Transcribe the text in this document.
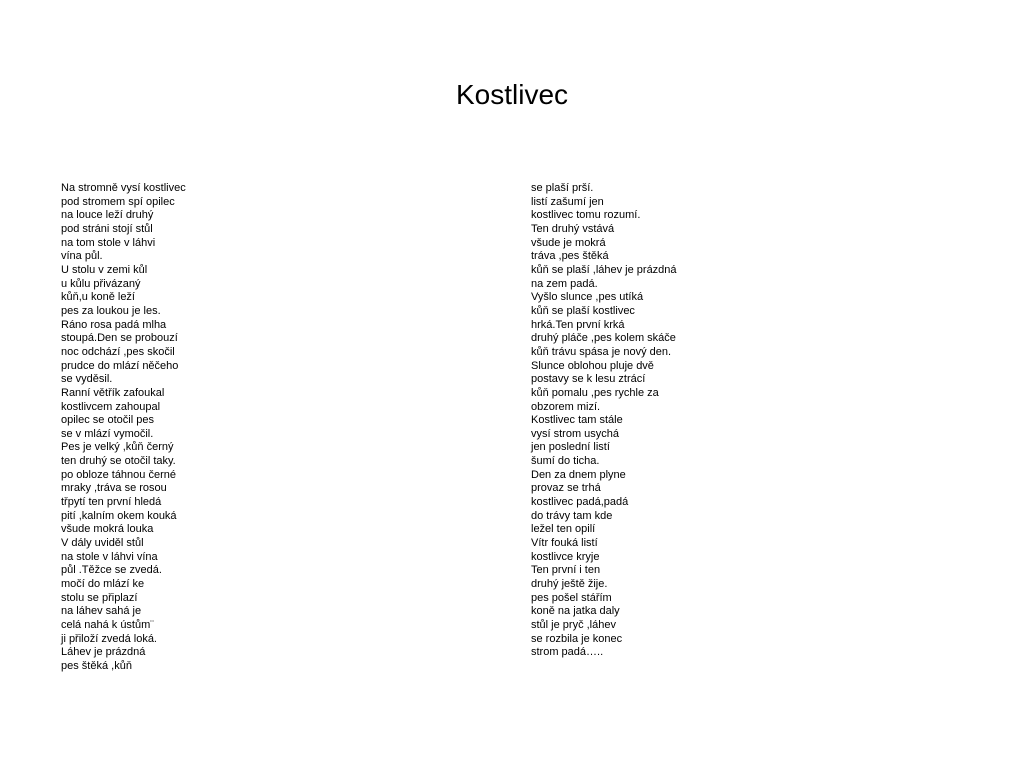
Kostlivec
Na stromně vysí kostlivec
pod stromem spí opilec
na louce leží druhý
pod stráni stojí stůl
na tom stole v láhvi
vína půl.
U stolu v zemi kůl
u kůlu přivázaný
kůň,u koně leží
pes za loukou je les.
Ráno rosa padá mlha
stoupá.Den se probouzí
noc odchází ,pes skočil
prudce do mlází něčeho
se vyděsil.
Ranní větřík zafoukal
kostlivcem zahoupal
opilec se otočil pes
se v mlází vymočil.
Pes je velký ,kůň černý
ten druhý se otočil taky.
po obloze táhnou černé
mraky ,tráva se rosou
třpytí ten první hledá
pití ,kalním okem kouká
všude mokrá louka
V dály uviděl stůl
na stole v láhvi vína
půl .Těžce se zvedá.
močí do mlází ke
stolu se připlazí
na láhev sahá je
celá nahá k ústům¨
ji přiloží zvedá loká.
Láhev je prázdná
pes štěká ,kůň
se plaší prší.
listí zašumí jen
kostlivec tomu rozumí.
Ten druhý vstává
všude je mokrá
tráva ,pes štěká
kůň se plaší ,láhev je prázdná
na zem padá.
Vyšlo slunce ,pes utíká
kůň se plaší kostlivec
hrká.Ten první krká
druhý pláče ,pes kolem skáče
kůň trávu spása je nový den.
Slunce oblohou pluje dvě
postavy se k lesu ztrácí
kůň pomalu ,pes rychle za
obzorem mizí.
Kostlivec tam stále
vysí strom usychá
jen poslední listí
šumí do ticha.
Den za dnem plyne
provaz se trhá
kostlivec padá,padá
do trávy tam kde
ležel ten opilí
Vítr fouká listí
kostlivce kryje
Ten první i ten
druhý ještě žije.
pes pošel stářím
koně na jatka daly
stůl je pryč ,láhev
se rozbila je konec
strom padá…..
